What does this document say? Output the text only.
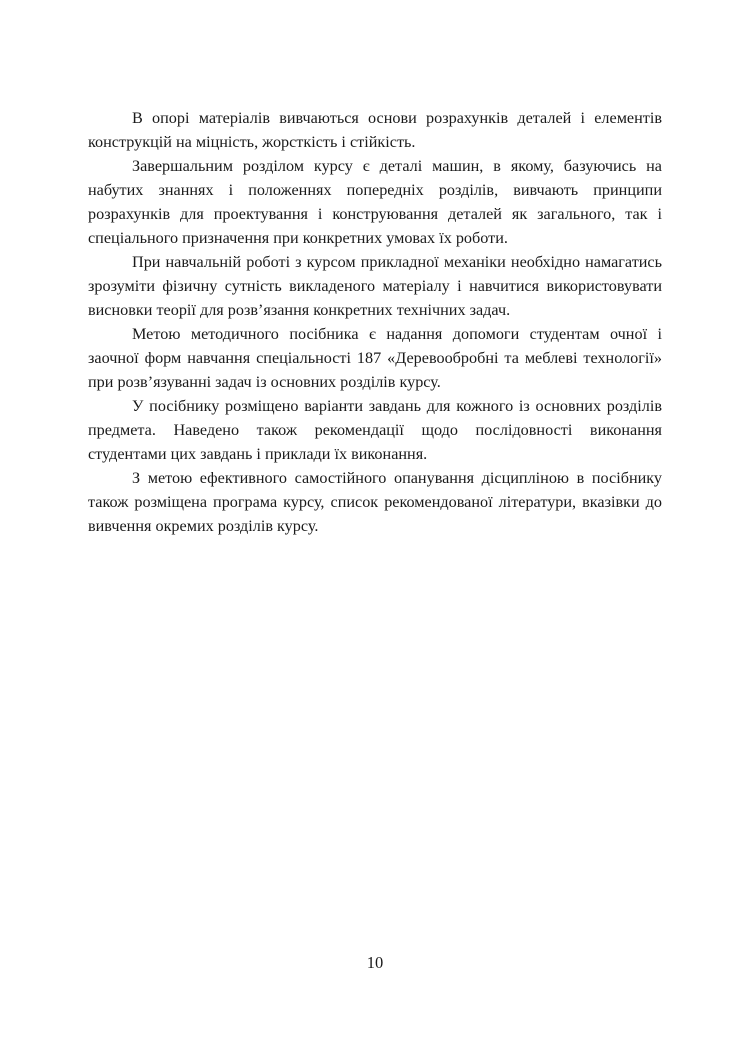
В опорі матеріалів вивчаються основи розрахунків деталей і елементів конструкцій на міцність, жорсткість і стійкість.

Завершальним розділом курсу є деталі машин, в якому, базуючись на набутих знаннях і положеннях попередніх розділів, вивчають принципи розрахунків для проектування і конструювання деталей як загального, так і спеціального призначення при конкретних умовах їх роботи.

При навчальній роботі з курсом прикладної механіки необхідно намагатись зрозуміти фізичну сутність викладеного матеріалу і навчитися використовувати висновки теорії для розв’язання конкретних технічних задач.

Метою методичного посібника є надання допомоги студентам очної і заочної форм навчання спеціальності 187 «Деревообробні та меблеві технології» при розв’язуванні задач із основних розділів курсу.

У посібнику розміщено варіанти завдань для кожного із основних розділів предмета. Наведено також рекомендації щодо послідовності виконання студентами цих завдань і приклади їх виконання.

З метою ефективного самостійного опанування дісципліною в посібнику також розміщена програма курсу, список рекомендованої літератури, вказівки до вивчення окремих розділів курсу.

10
